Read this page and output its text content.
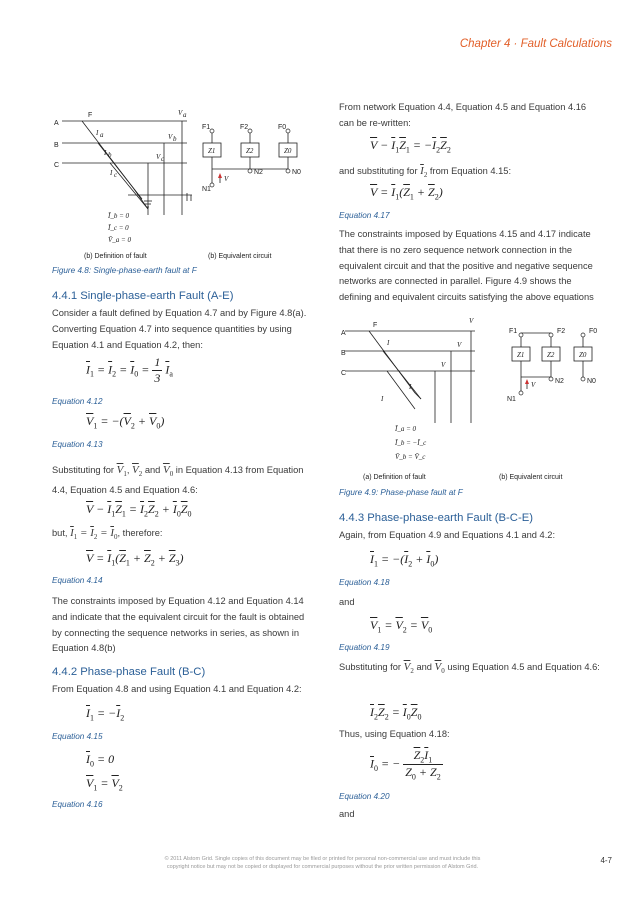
Chapter 4 · Fault Calculations
A
B
C
F
I a
I b
I c
V a
V b
V c
Ī_b = 0
Ī_c = 0
V̄_a = 0
(b) Definition of fault	(b) Equivalent circuit
F1	F2	F0
Z1	Z2	Z0
N1
N2	N0
V
Figure 4.8: Single-phase-earth fault at F
4.4.1 Single-phase-earth Fault (A-E)
Consider a fault defined by Equation 4.7 and by Figure 4.8(a). Converting Equation 4.7 into sequence quantities by using Equation 4.1 and Equation 4.2, then:
$\overline{I}_1 = \overline{I}_2 = \overline{I}_0 = \frac{1}{3} \overline{I}_a$
Equation 4.12
$\overline{V}_1 = -(\overline{V}_2 + \overline{V}_0)$
Equation 4.13
Substituting for $\overline{V}_1$, $\overline{V}_2$ and $\overline{V}_0$ in Equation 4.13 from Equation 4.4, Equation 4.5 and Equation 4.6:
$\overline{V} - \overline{I}_1\overline{Z}_1 = \overline{I}_2\overline{Z}_2 + \overline{I}_0\overline{Z}_0$
but, $\overline{I}_1 = \overline{I}_2 = \overline{I}_0$, therefore:
$\overline{V} = \overline{I}_1(\overline{Z}_1 + \overline{Z}_2 + \overline{Z}_3)$
Equation 4.14
The constraints imposed by Equation 4.12 and Equation 4.14 and indicate that the equivalent circuit for the fault is obtained by connecting the sequence networks in series, as shown in Equation 4.8(b)
4.4.2 Phase-phase Fault (B-C)
From Equation 4.8 and using Equation 4.1 and Equation 4.2:
$\overline{I}_1 = -\overline{I}_2$
Equation 4.15
$\overline{I}_0 = 0$
$\overline{V}_1 = \overline{V}_2$
Equation 4.16
From network Equation 4.4, Equation 4.5 and Equation 4.16 can be re-written:
$\overline{V} - \overline{I}_1\overline{Z}_1 = -\overline{I}_2\overline{Z}_2$
and substituting for $\overline{I}_2$ from Equation 4.15:
$\overline{V} = \overline{I}_1(\overline{Z}_1 + \overline{Z}_2)$
Equation 4.17
The constraints imposed by Equations 4.15 and 4.17 indicate that there is no zero sequence network connection in the equivalent circuit and that the positive and negative sequence networks are connected in parallel. Figure 4.9 shows the defining and equivalent circuits satisfying the above equations
A
B
C
F
V
V
V
I
I
I
Ī_a = 0
Ī_b = −Ī_c
V̄_b = V̄_c
(a) Definition of fault	(b) Equivalent circuit
F1	F2	F0
Z1	Z2	Z0
N1
N2	N0
V
Figure 4.9: Phase-phase fault at F
4.4.3 Phase-phase-earth Fault (B-C-E)
Again, from Equation 4.9 and Equations 4.1 and 4.2:
$\overline{I}_1 = -(\overline{I}_2 + \overline{I}_0)$
Equation 4.18
and
$\overline{V}_1 = \overline{V}_2 = \overline{V}_0$
Equation 4.19
Substituting for $\overline{V}_2$ and $\overline{V}_0$ using Equation 4.5 and Equation 4.6:
$\overline{I}_2\overline{Z}_2 = \overline{I}_0\overline{Z}_0$
Thus, using Equation 4.18:
$\overline{I}_0$ = − $\frac{\overline{Z}_2\overline{I}_1}{\overline{Z}_0 + \overline{Z}_2}$
Equation 4.20
and
© 2011 Alstom Grid. Single copies of this document may be filed or printed for personal non-commercial use and must include this
copyright notice but may not be copied or displayed for commercial purposes without the prior written permission of Alstom Grid.
4-7
